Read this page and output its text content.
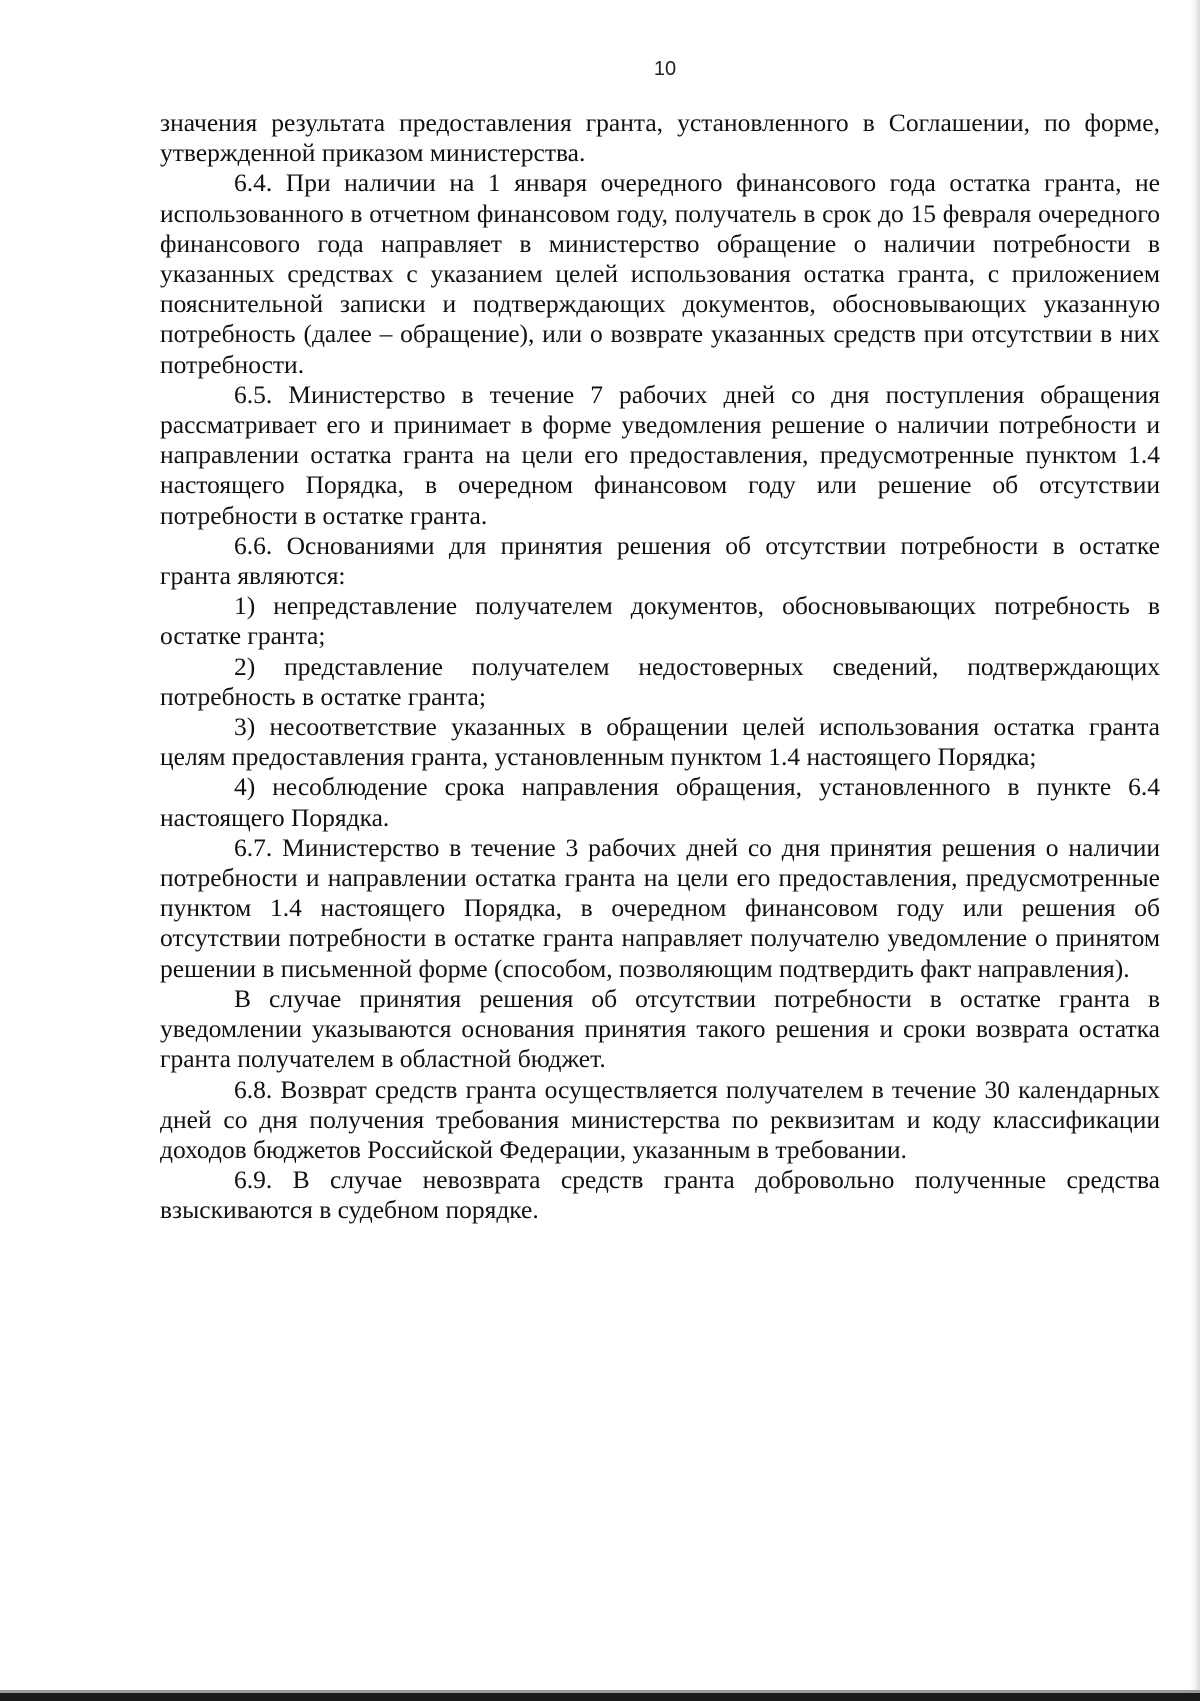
10

значения результата предоставления гранта, установленного в Соглашении, по форме, утвержденной приказом министерства.

6.4. При наличии на 1 января очередного финансового года остатка гранта, не использованного в отчетном финансовом году, получатель в срок до 15 февраля очередного финансового года направляет в министерство обращение о наличии потребности в указанных средствах с указанием целей использования остатка гранта, с приложением пояснительной записки и подтверждающих документов, обосновывающих указанную потребность (далее – обращение), или о возврате указанных средств при отсутствии в них потребности.

6.5. Министерство в течение 7 рабочих дней со дня поступления обращения рассматривает его и принимает в форме уведомления решение о наличии потребности и направлении остатка гранта на цели его предоставления, предусмотренные пунктом 1.4 настоящего Порядка, в очередном финансовом году или решение об отсутствии потребности в остатке гранта.

6.6. Основаниями для принятия решения об отсутствии потребности в остатке гранта являются:

1) непредставление получателем документов, обосновывающих потребность в остатке гранта;

2) представление получателем недостоверных сведений, подтверждающих потребность в остатке гранта;

3) несоответствие указанных в обращении целей использования остатка гранта целям предоставления гранта, установленным пунктом 1.4 настоящего Порядка;

4) несоблюдение срока направления обращения, установленного в пункте 6.4 настоящего Порядка.

6.7. Министерство в течение 3 рабочих дней со дня принятия решения о наличии потребности и направлении остатка гранта на цели его предоставления, предусмотренные пунктом 1.4 настоящего Порядка, в очередном финансовом году или решения об отсутствии потребности в остатке гранта направляет получателю уведомление о принятом решении в письменной форме (способом, позволяющим подтвердить факт направления).

В случае принятия решения об отсутствии потребности в остатке гранта в уведомлении указываются основания принятия такого решения и сроки возврата остатка гранта получателем в областной бюджет.

6.8. Возврат средств гранта осуществляется получателем в течение 30 календарных дней со дня получения требования министерства по реквизитам и коду классификации доходов бюджетов Российской Федерации, указанным в требовании.

6.9. В случае невозврата средств гранта добровольно полученные средства взыскиваются в судебном порядке.
